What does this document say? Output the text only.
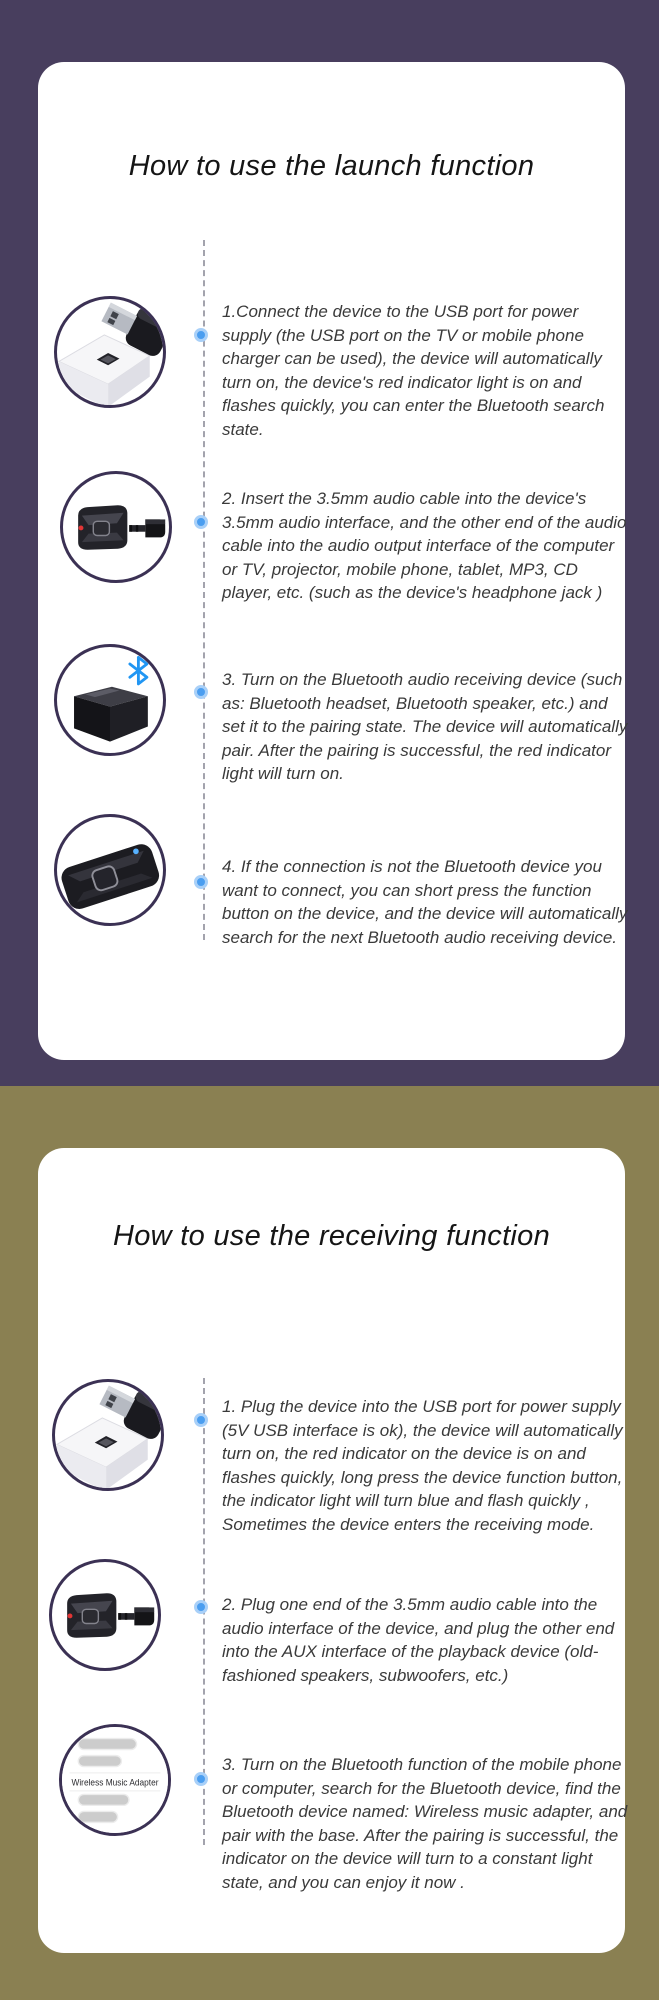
How to use the launch function

1.Connect the device to the USB port for power supply (the USB port on the TV or mobile phone charger can be used), the device will automatically turn on, the device's red indicator light is on and flashes quickly, you can enter the Bluetooth search state.

2. Insert the 3.5mm audio cable into the device's 3.5mm audio interface, and the other end of the audio cable into the audio output interface of the computer or TV, projector, mobile phone, tablet, MP3, CD player, etc. (such as the device's headphone jack )

3. Turn on the Bluetooth audio receiving device (such as: Bluetooth headset, Bluetooth speaker, etc.) and set it to the pairing state. The device will automatically pair. After the pairing is successful, the red indicator light will turn on.

4. If the connection is not the Bluetooth device you want to connect, you can short press the function button on the device, and the device will automatically search for the next Bluetooth audio receiving device.

How to use the receiving function

1. Plug the device into the USB port for power supply (5V USB interface is ok), the device will automatically turn on, the red indicator on the device is on and flashes quickly, long press the device function button, the indicator light will turn blue and flash quickly , Sometimes the device enters the receiving mode.

2. Plug one end of the 3.5mm audio cable into the audio interface of the device, and plug the other end into the AUX interface of the playback device (old-fashioned speakers, subwoofers, etc.)

Wireless Music Adapter

3. Turn on the Bluetooth function of the mobile phone or computer, search for the Bluetooth device, find the Bluetooth device named: Wireless music adapter, and pair with the base. After the pairing is successful, the indicator on the device will turn to a constant light state, and you can enjoy it now .
